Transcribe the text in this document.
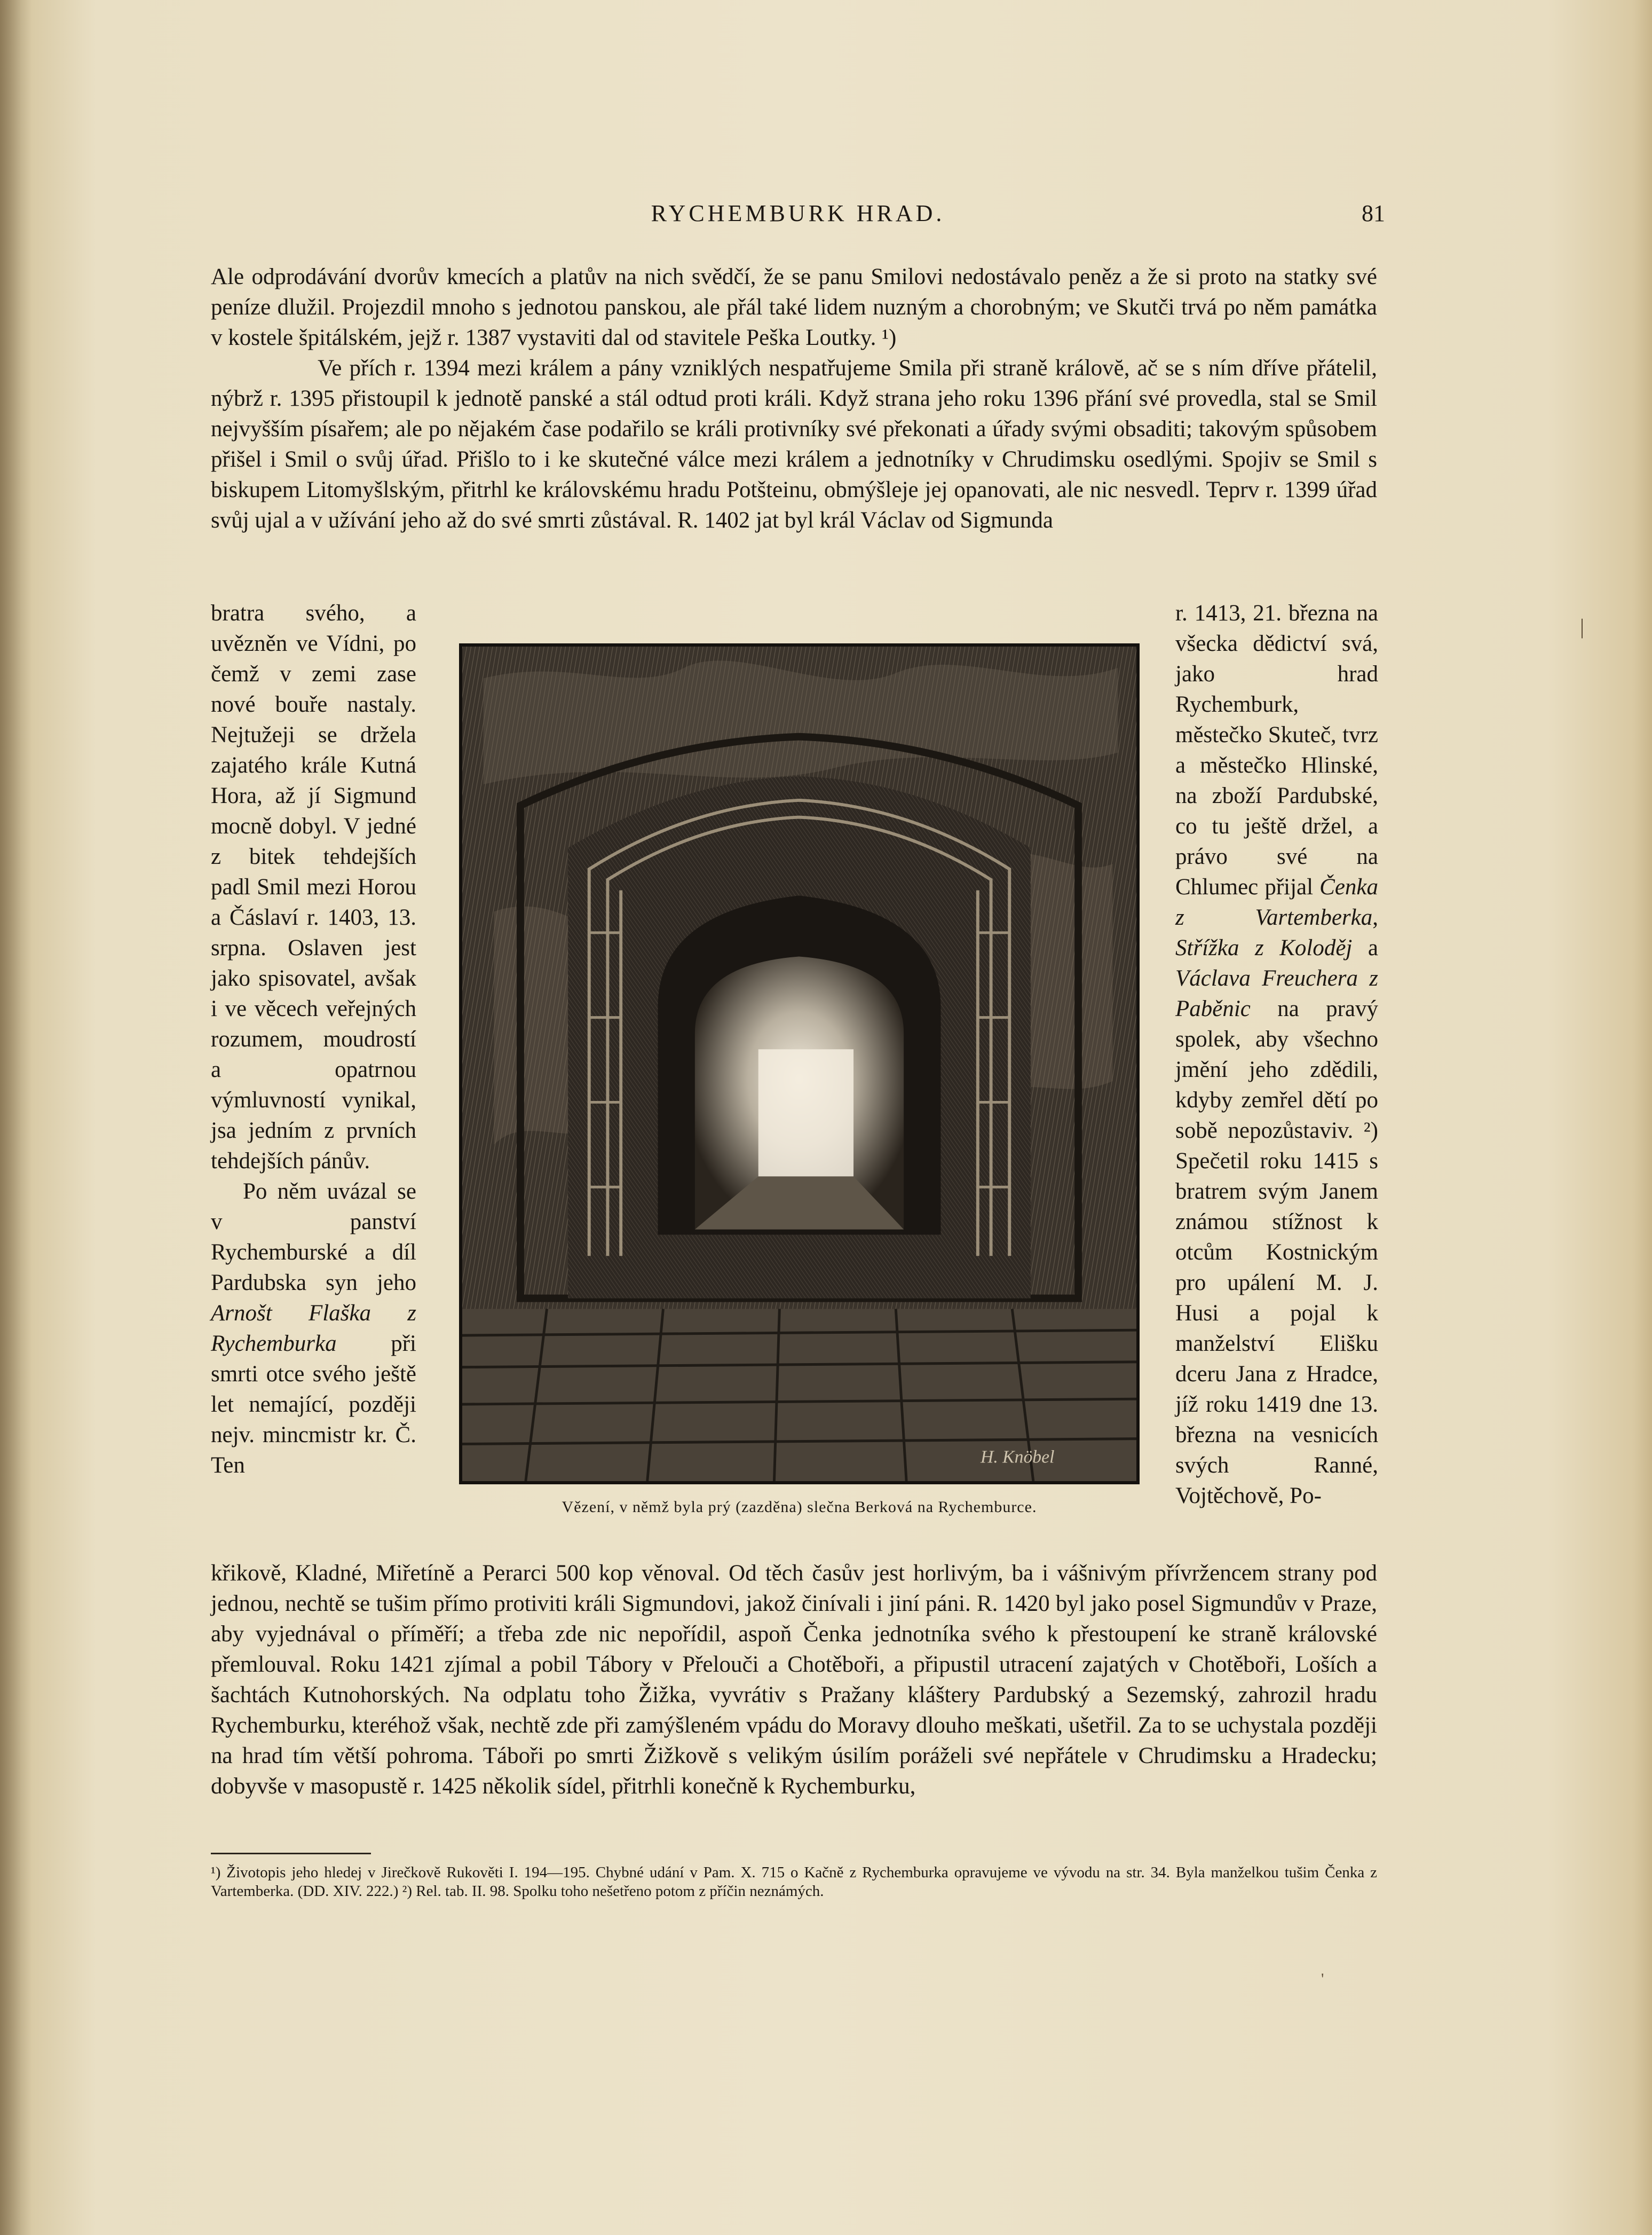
RYCHEMBURK HRAD.	81

Ale odprodávání dvorův kmecích a platův na nich svědčí, že se panu Smilovi nedostávalo peněz a že si proto na statky své peníze dlužil. Projezdil mnoho s jednotou panskou, ale přál také lidem nuzným a chorobným; ve Skutči trvá po něm památka v kostele špitálském, jejž r. 1387 vystaviti dal od stavitele Peška Loutky. ¹)

Ve přích r. 1394 mezi králem a pány vzniklých nespatřujeme Smila při straně královĕ, ač se s ním dříve přátelil, nýbrž r. 1395 přistoupil k jednotě panské a stál odtud proti králi. Když strana jeho roku 1396 přání své provedla, stal se Smil nejvyšším písařem; ale po nějakém čase podařilo se králi protivníky své překonati a úřady svými obsaditi; takovým spůsobem přišel i Smil o svůj úřad. Přišlo to i ke skutečné válce mezi králem a jednotníky v Chrudimsku osedlými. Spojiv se Smil s biskupem Litomyšlským, přitrhl ke královskému hradu Potšteinu, obmýšleje jej opanovati, ale nic nesvedl. Teprv r. 1399 úřad svůj ujal a v užívání jeho až do své smrti zůstával. R. 1402 jat byl král Václav od Sigmunda

bratra svého, a uvězněn ve Vídni, po čemž v zemi zase nové bouře nastaly. Nejtužeji se držela zajatého krále Kutná Hora, až jí Sigmund mocně dobyl. V jedné z bitek tehdejších padl Smil mezi Horou a Čáslaví r. 1403, 13. srpna. Oslaven jest jako spisovatel, avšak i ve věcech veřejných rozumem, moudrostí a opatrnou výmluvností vynikal, jsa jedním z prvních tehdejších pánův.

Po něm uvázal se v panství Rychemburské a díl Pardubska syn jeho Arnošt Flaška z Rychemburka při smrti otce svého ještě let nemající, později nejv. mincmistr kr. Č. Ten	H. Knöbel
Vězení, v němž byla prý (zazděna) slečna Berková na Rychemburce.

r. 1413, 21. března na všecka dědictví svá, jako hrad Rychemburk, městečko Skuteč, tvrz a městečko Hlinské, na zboží Pardubské, co tu ještě držel, a právo své na Chlumec přijal Čenka z Vartemberka, Střížka z Koloděj a Václava Freuchera z Paběnic na pravý spolek, aby všechno jmění jeho zdědili, kdyby zemřel dětí po sobě nepozůstaviv. ²) Spečetil roku 1415 s bratrem svým Janem známou stížnost k otcům Kostnickým pro upálení M. J. Husi a pojal k manželství Elišku dceru Jana z Hradce, jíž roku 1419 dne 13. března na vesnicích svých Ranné, Vojtěchově, Po-

křikově, Kladné, Miřetíně a Perarci 500 kop věnoval. Od těch časův jest horlivým, ba i vášnivým přívržencem strany pod jednou, nechtě se tušim přímo protiviti králi Sigmundovi, jakož činívali i jiní páni. R. 1420 byl jako posel Sigmundův v Praze, aby vyjednával o příměří; a třeba zde nic nepořídil, aspoň Čenka jednotníka svého k přestoupení ke straně královské přemlouval. Roku 1421 zjímal a pobil Tábory v Přelouči a Chotěboři, a připustil utracení zajatých v Chotěboři, Loších a šachtách Kutnohorských. Na odplatu toho Žižka, vyvrátiv s Pražany kláštery Pardubský a Sezemský, zahrozil hradu Rychemburku, kteréhož však, nechtě zde při zamýšleném vpádu do Moravy dlouho meškati, ušetřil. Za to se uchystala později na hrad tím větší pohroma. Táboři po smrti Žižkově s velikým úsilím poráželi své nepřátele v Chrudimsku a Hradecku; dobyvše v masopustě r. 1425 několik sídel, přitrhli konečně k Rychemburku,

¹) Životopis jeho hledej v Jirečkově Rukověti I. 194—195. Chybné udání v Pam. X. 715 o Kačně z Rychemburka opravujeme ve vývodu na str. 34. Byla manželkou tušim Čenka z Vartemberka. (DD. XIV. 222.) ²) Rel. tab. II. 98. Spolku toho nešetřeno potom z příčin neznámých.

|
'
